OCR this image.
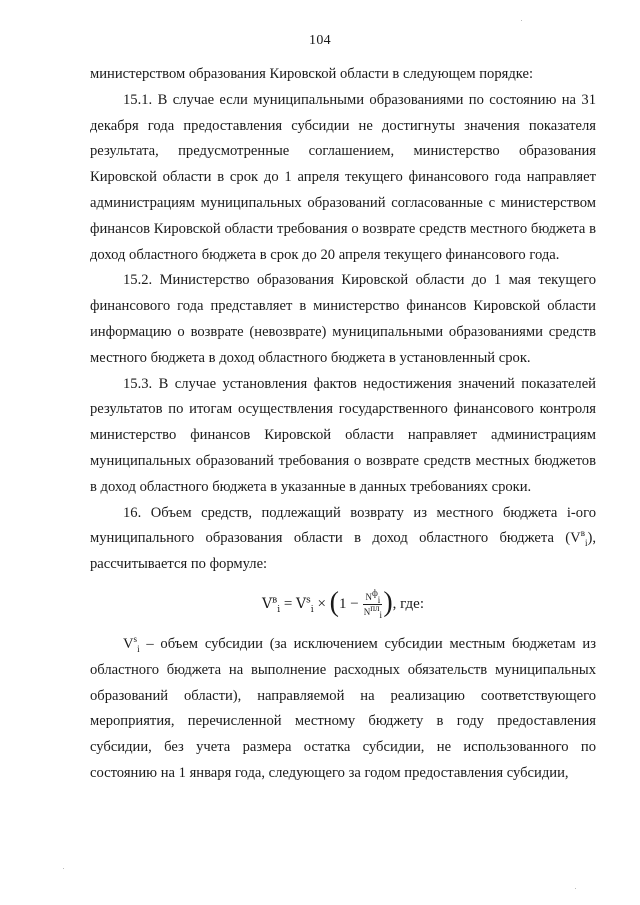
104

министерством образования Кировской области в следующем порядке:

15.1. В случае если муниципальными образованиями по состоянию на 31 декабря года предоставления субсидии не достигнуты значения показателя результата, предусмотренные соглашением, министерство образования Кировской области в срок до 1 апреля текущего финансового года направляет администрациям муниципальных образований согласованные с министерством финансов Кировской области требования о возврате средств местного бюджета в доход областного бюджета в срок до 20 апреля текущего финансового года.

15.2. Министерство образования Кировской области до 1 мая текущего финансового года представляет в министерство финансов Кировской области информацию о возврате (невозврате) муниципальными образованиями средств местного бюджета в доход областного бюджета в установленный срок.

15.3. В случае установления фактов недостижения значений показателей результатов по итогам осуществления государственного финансового контроля министерство финансов Кировской области направляет администрациям муниципальных образований требования о возврате средств местных бюджетов в доход областного бюджета в указанные в данных требованиях сроки.

16. Объем средств, подлежащий возврату из местного бюджета i-ого муниципального образования области в доход областного бюджета $(V^в_i)$, рассчитывается по формуле:

$V^в_i = V^s_i \times (1 - \frac{N^ф_i}{N^{пл}_i}$ ), где:

$V^s_i$ – объем субсидии (за исключением субсидии местным бюджетам из областного бюджета на выполнение расходных обязательств муниципальных образований области), направляемой на реализацию соответствующего мероприятия, перечисленной местному бюджету в году предоставления субсидии, без учета размера остатка субсидии, не использованного по состоянию на 1 января года, следующего за годом предоставления субсидии,
